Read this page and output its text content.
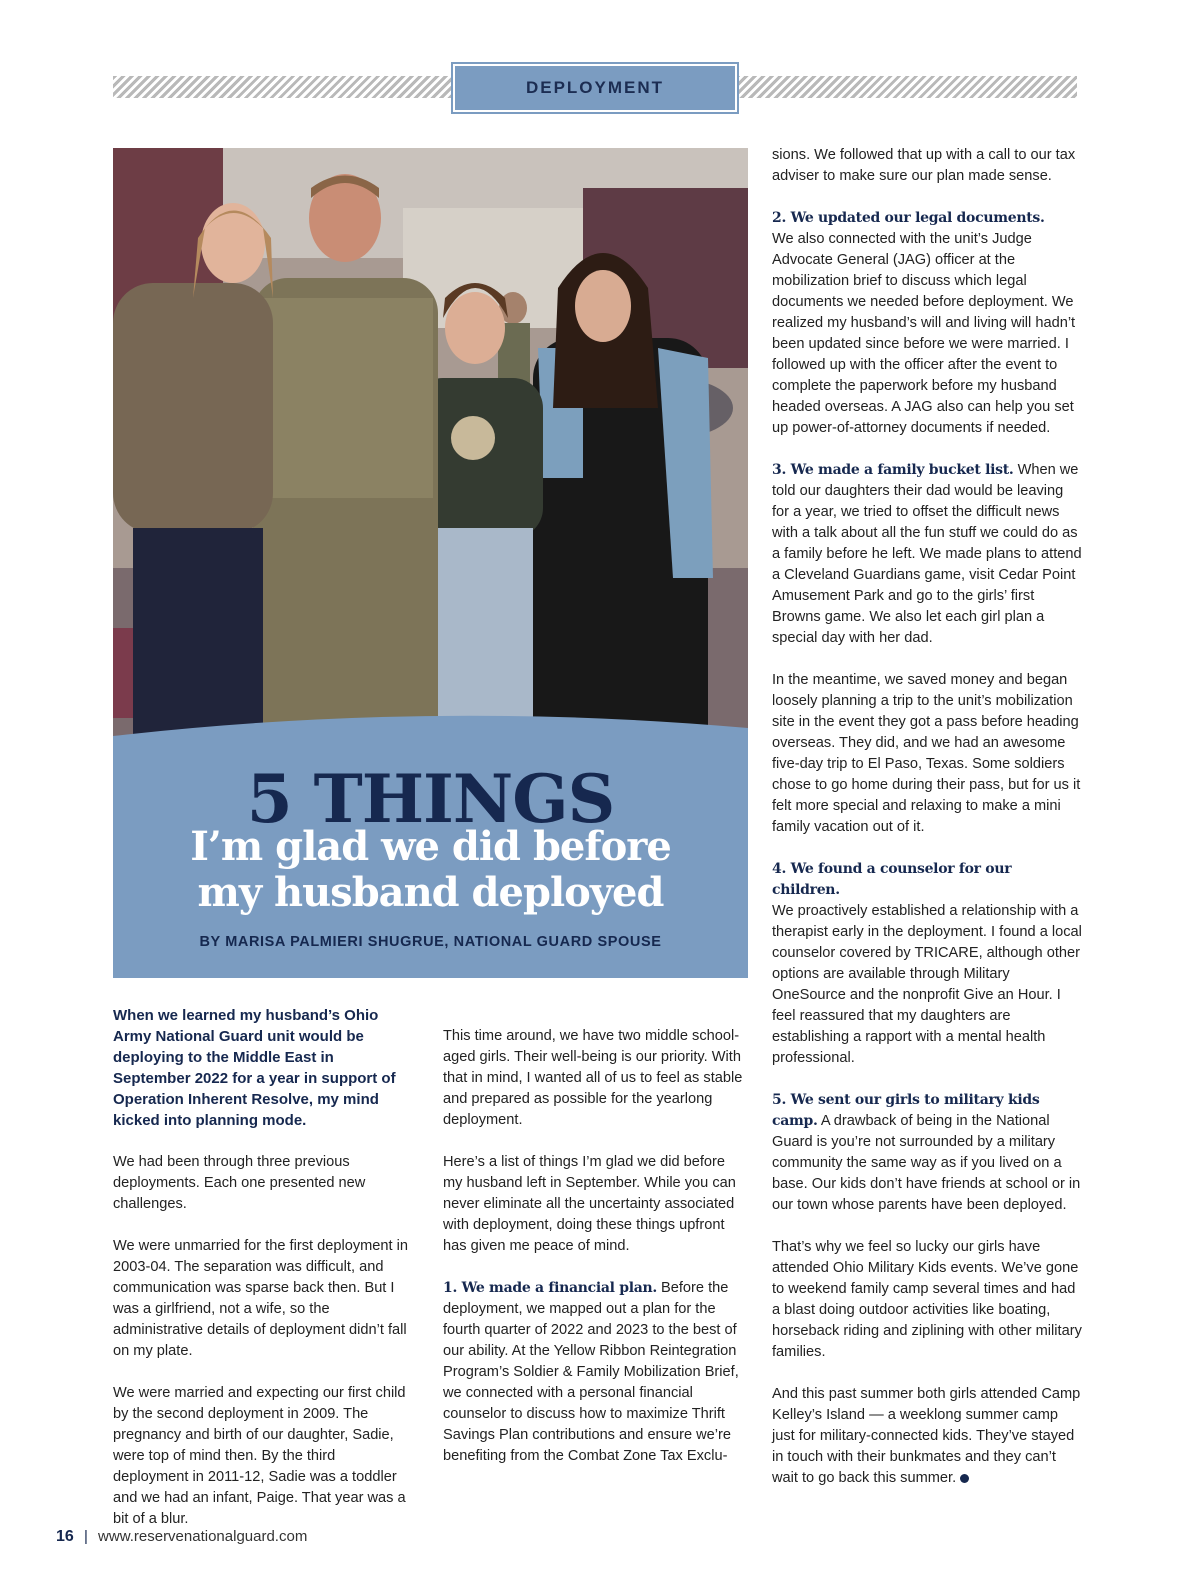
DEPLOYMENT
5 THINGS
I’m glad we did before
my husband deployed
BY MARISA PALMIERI SHUGRUE, NATIONAL GUARD SPOUSE

When we learned my husband’s Ohio Army National Guard unit would be deploying to the Middle East in September 2022 for a year in support of Operation Inherent Resolve, my mind kicked into planning mode.

We had been through three previous deployments. Each one presented new challenges.

We were unmarried for the first deployment in 2003-04. The separation was difficult, and communication was sparse back then. But I was a girlfriend, not a wife, so the administrative details of deployment didn’t fall on my plate.

We were married and expecting our first child by the second deployment in 2009. The pregnancy and birth of our daughter, Sadie, were top of mind then. By the third deployment in 2011-12, Sadie was a toddler and we had an infant, Paige. That year was a bit of a blur.

This time around, we have two middle school-aged girls. Their well-being is our priority. With that in mind, I wanted all of us to feel as stable and prepared as possible for the yearlong deployment.

Here’s a list of things I’m glad we did before my husband left in September. While you can never eliminate all the uncertainty associated with deployment, doing these things upfront has given me peace of mind.

1. We made a financial plan. Before the deployment, we mapped out a plan for the fourth quarter of 2022 and 2023 to the best of our ability. At the Yellow Ribbon Reintegration Program’s Soldier & Family Mobilization Brief, we connected with a personal financial counselor to discuss how to maximize Thrift Savings Plan contributions and ensure we’re benefiting from the Combat Zone Tax Exclu-

sions. We followed that up with a call to our tax adviser to make sure our plan made sense.

2. We updated our legal documents.
We also connected with the unit’s Judge Advocate General (JAG) officer at the mobilization brief to discuss which legal documents we needed before deployment. We realized my husband’s will and living will hadn’t been updated since before we were married. I followed up with the officer after the event to complete the paperwork before my husband headed overseas. A JAG also can help you set up power-of-attorney documents if needed.

3. We made a family bucket list. When we told our daughters their dad would be leaving for a year, we tried to offset the difficult news with a talk about all the fun stuff we could do as a family before he left. We made plans to attend a Cleveland Guardians game, visit Cedar Point Amusement Park and go to the girls’ first Browns game. We also let each girl plan a special day with her dad.

In the meantime, we saved money and began loosely planning a trip to the unit’s mobilization site in the event they got a pass before heading overseas. They did, and we had an awesome five-day trip to El Paso, Texas. Some soldiers chose to go home during their pass, but for us it felt more special and relaxing to make a mini family vacation out of it.

4. We found a counselor for our children.
We proactively established a relationship with a therapist early in the deployment. I found a local counselor covered by TRICARE, although other options are available through Military OneSource and the nonprofit Give an Hour. I feel reassured that my daughters are establishing a rapport with a mental health professional.

5. We sent our girls to military kids camp. A drawback of being in the National Guard is you’re not surrounded by a military community the same way as if you lived on a base. Our kids don’t have friends at school or in our town whose parents have been deployed.

That’s why we feel so lucky our girls have attended Ohio Military Kids events. We’ve gone to weekend family camp several times and had a blast doing outdoor activities like boating, horseback riding and ziplining with other military families.

And this past summer both girls attended Camp Kelley’s Island — a weeklong summer camp just for military-connected kids. They’ve stayed in touch with their bunkmates and they can’t wait to go back this summer.

16 | www.reservenationalguard.com
